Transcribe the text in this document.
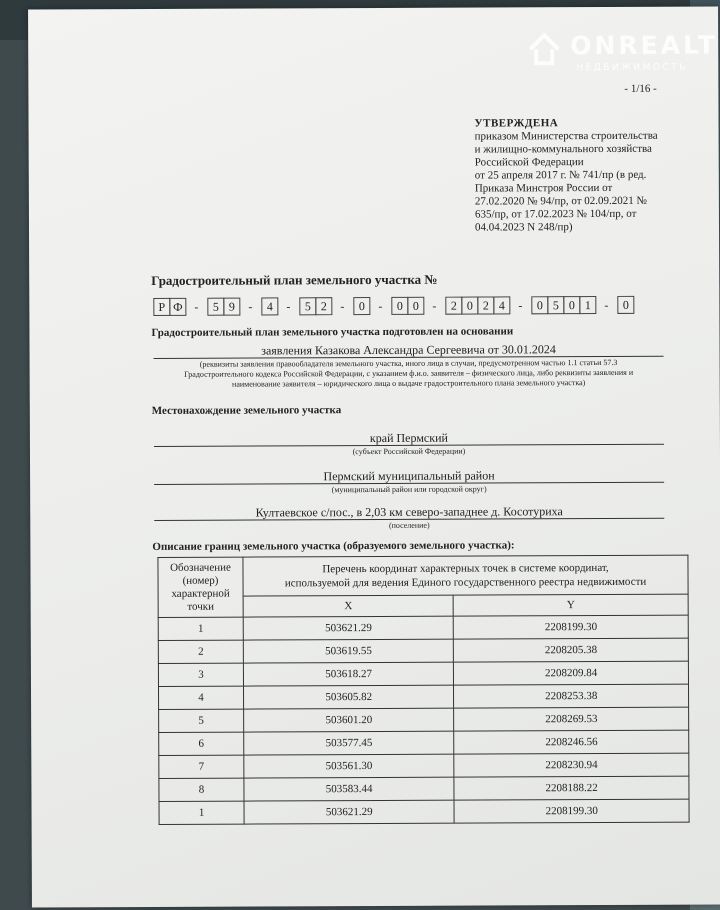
ONREALT
НЕДВИЖИМОСТЬ
- 1/16 -
УТВЕРЖДЕНА
приказом Министерства строительства
и жилищно-коммунального хозяйства
Российской Федерации
от 25 апреля 2017 г. № 741/пр (в ред.
Приказа Минстроя России от
27.02.2020 № 94/пр, от 02.09.2021 №
635/пр, от 17.02.2023 № 104/пр, от
04.04.2023 N 248/пр)
Градостроительный план земельного участка №
Р Ф -	5 9	-	4	-	5 2	-	0	-	0 0	-	2 0 2 4	-	0 5 0 1	-	0
Градостроительный план земельного участка подготовлен на основании
заявления Казакова Александра Сергеевича от 30.01.2024
(реквизиты заявления правообладателя земельного участка, иного лица в случаи, предусмотренном частью 1.1 статьи 57.3
Градостроительного кодекса Российской Федерации, с указанием ф.и.о. заявителя – физического лица, либо реквизиты заявления и
наименование заявителя – юридического лица о выдаче градостроительного плана земельного участка)
Местонахождение земельного участка
край Пермский
(субъект Российской Федерации)
Пермский муниципальный район
(муниципальный район или городской округ)
Култаевское с/пос., в 2,03 км северо-западнее д. Косотуриха
(поселение)
Описание границ земельного участка (образуемого земельного участка):
Обозначение (номер) характерной точки	Перечень координат характерных точек в системе координат,
используемой для ведения Единого государственного реестра недвижимости	

	X	Y
1	503621.29	2208199.30
2	503619.55	2208205.38
3	503618.27	2208209.84
4	503605.82	2208253.38
5	503601.20	2208269.53
6	503577.45	2208246.56
7	503561.30	2208230.94
8	503583.44	2208188.22
1	503621.29	2208199.30
